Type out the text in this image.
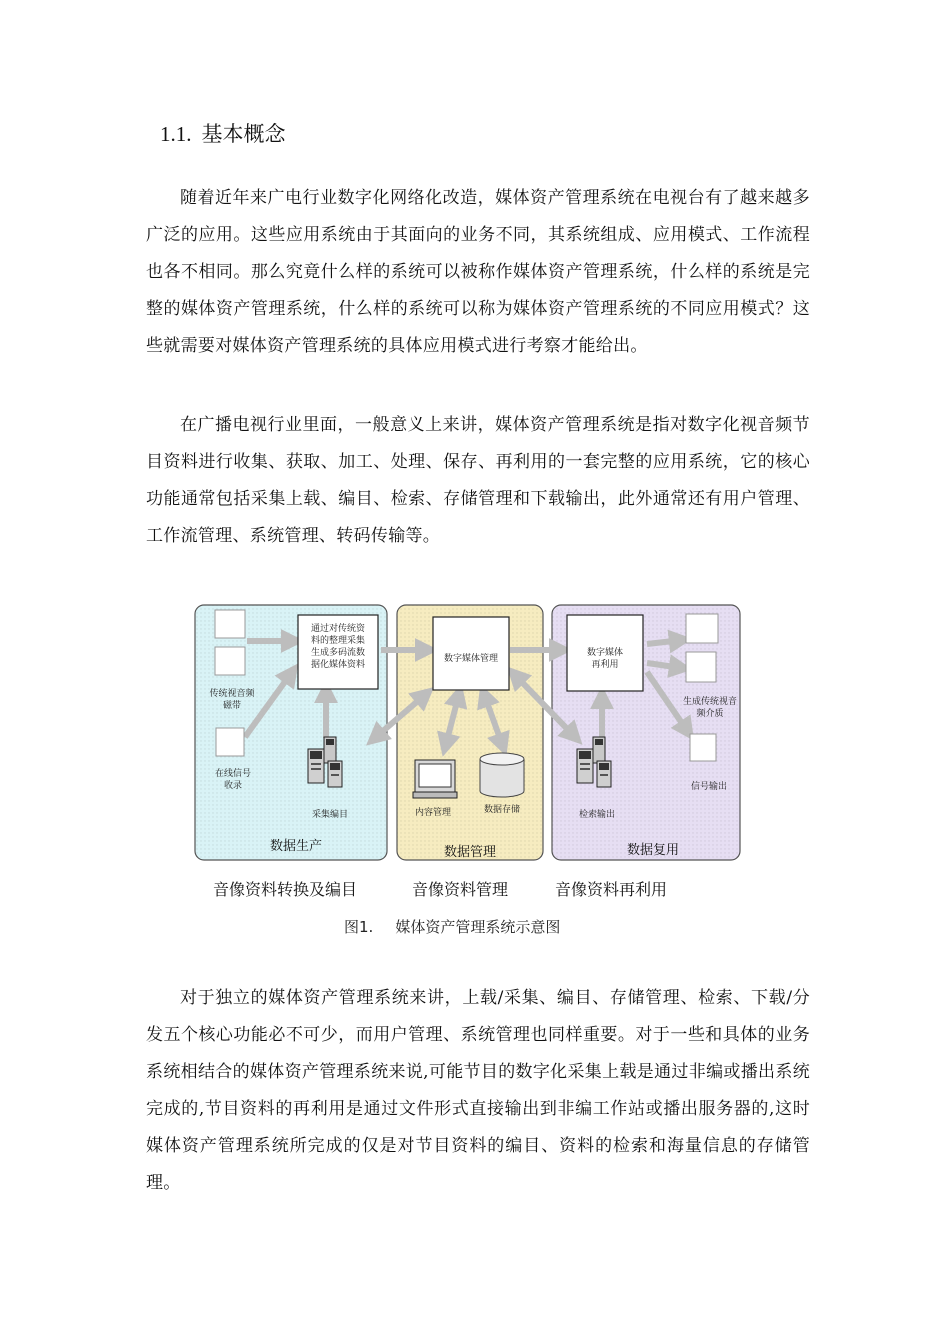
1.1. 基本概念

随着近年来广电行业数字化网络化改造，媒体资产管理系统在电视台有了越来越多广泛的应用。这些应用系统由于其面向的业务不同，其系统组成、应用模式、工作流程也各不相同。那么究竟什么样的系统可以被称作媒体资产管理系统，什么样的系统是完整的媒体资产管理系统，什么样的系统可以称为媒体资产管理系统的不同应用模式？这些就需要对媒体资产管理系统的具体应用模式进行考察才能给出。

在广播电视行业里面，一般意义上来讲，媒体资产管理系统是指对数字化视音频节目资料进行收集、获取、加工、处理、保存、再利用的一套完整的应用系统，它的核心功能通常包括采集上载、编目、检索、存储管理和下载输出，此外通常还有用户管理、工作流管理、系统管理、转码传输等。

传统视音频磁带
在线信号收录
通过对传统资料的整理采集生成多码流数据化媒体资料
采集编目
数据生产
数字媒体管理
内容管理	数据存储
数据管理
数字媒体再利用
检索输出
生成传统视音频介质
信号输出
数据复用
音像资料转换及编目	音像资料管理	音像资料再利用
图1. 媒体资产管理系统示意图

对于独立的媒体资产管理系统来讲，上载/采集、编目、存储管理、检索、下载/分发五个核心功能必不可少，而用户管理、系统管理也同样重要。对于一些和具体的业务系统相结合的媒体资产管理系统来说,可能节目的数字化采集上载是通过非编或播出系统完成的,节目资料的再利用是通过文件形式直接输出到非编工作站或播出服务器的,这时媒体资产管理系统所完成的仅是对节目资料的编目、资料的检索和海量信息的存储管理。
